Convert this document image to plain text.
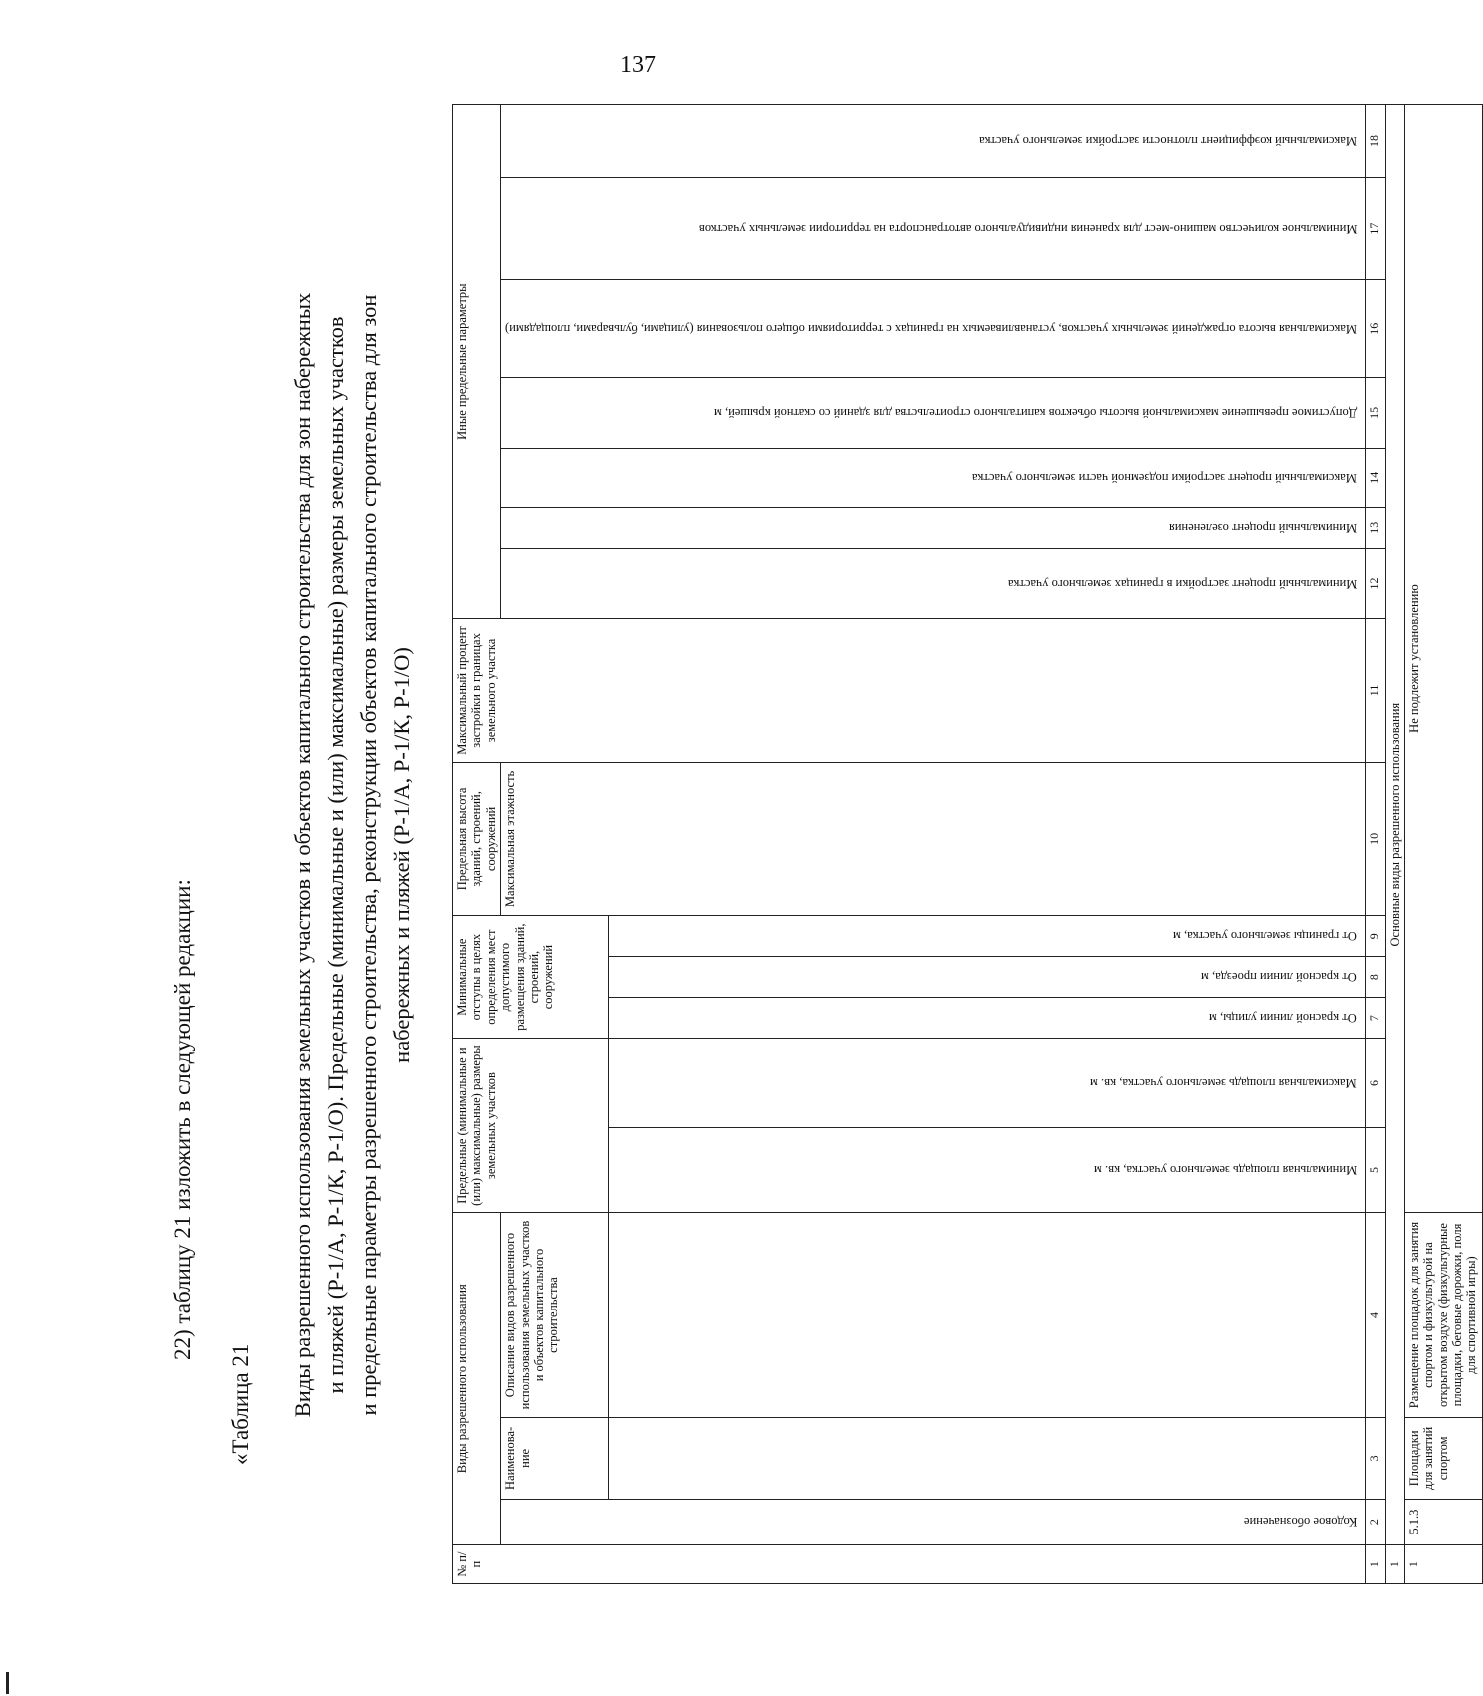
137
22) таблицу 21 изложить в следующей редакции:
«Таблица 21 Виды разрешенного использования земельных участков и объектов капитального строительства для зон набережных и пляжей (Р-1/А, Р-1/К, Р-1/О). Предельные (минимальные и (или) максимальные) размеры земельных участков и предельные параметры разрешенного строительства, реконструкции объектов капитального строительства для зон набережных и пляжей (Р-1/А, Р-1/К, Р-1/О)
№ п/п	Виды разрешенного использования			Предельные (минимальные и (или) максимальные) размеры земельных участков		Минимальные отступы в целях определения мест допустимого размещения зданий, строений, сооружений			Предельная высота зданий, строений, сооружений	Максимальный процент застройки в границах земельного участка	Иные предельные параметры						
	Кодовое обозначение	Наименова-ние	Описание видов разрешенного использования земельных участков и объектов капитального строительства						Максимальная этажность		Минимальный процент застройки в границах земельного участка	Минимальный процент озеленения	Максимальный процент застройки подземной части земельного участка	Допустимое превышение максимальной высоты объектов капитального строительства для зданий со скатной крышей, м	Максимальная высота ограждений земельных участков, устанавливаемых на границах с территориями общего пользования (улицами, бульварами, площадями)	Минимальное количество машино-мест для хранения индивидуального автотранспорта на территории земельных участков	Максимальный коэффициент плотности застройки земельного участка
				Минимальная площадь земельного участка, кв. м	Максимальная площадь земельного участка, кв. м	От красной линии улицы, м	От красной линии проезда, м	От границы земельного участка, м									
1	2	3	4	5	6	7	8	9	10	11	12	13	14	15	16	17	18
1	Основные виды разрешенного использования																
1	5.1.3	Площадки для занятий спортом	Размещение площадок для занятия спортом и физкультурой на открытом воздухе (физкультурные площадки, беговые дорожки, поля для спортивной игры)	Не подлежит установлению													
